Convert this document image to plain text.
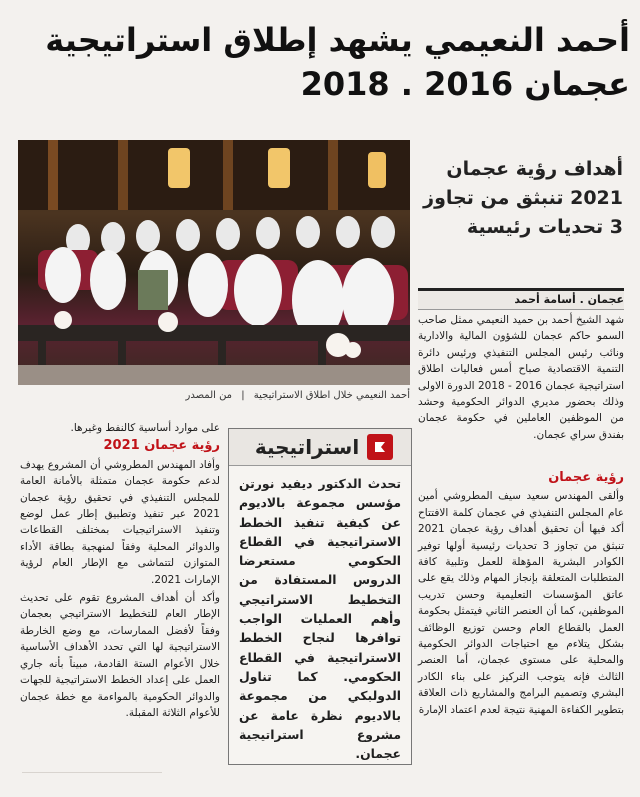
أحمد النعيمي يشهد إطلاق استراتيجية
عجمان 2016 . 2018
أحمد النعيمي خلال اطلاق الاستراتيجية | من المصدر
أهداف رؤية عجمان 2021 تنبثق من تجاوز 3 تحديات رئيسية
عجمان . أسامة أحمد

شهد الشيخ أحمد بن حميد النعيمي ممثل صاحب السمو حاكم عجمان للشؤون المالية والادارية ونائب رئيس المجلس التنفيذي ورئيس دائرة التنمية الاقتصادية صباح أمس فعاليات اطلاق استراتيجية عجمان 2016 - 2018 الدورة الاولى وذلك بحضور مديري الدوائر الحكومية وحشد من الموظفين العاملين في حكومة عجمان بفندق سراي عجمان.

رؤية عجمان

وألقى المهندس سعيد سيف المطروشي أمين عام المجلس التنفيذي في عجمان كلمة الافتتاح أكد فيها أن تحقيق أهداف رؤية عجمان 2021 تنبثق من تجاوز 3 تحديات رئيسية أولها توفير الكوادر البشرية المؤهلة للعمل وتلبية كافة المتطلبات المتعلقة بإنجاز المهام وذلك يقع على عاتق المؤسسات التعليمية وحسن تدريب الموظفين، كما أن العنصر الثاني فيتمثل بحكومة العمل بالقطاع العام وحسن توزيع الوظائف بشكل يتلاءم مع احتياجات الدوائر الحكومية والمحلية على مستوى عجمان، أما العنصر الثالث فإنه يتوجب التركيز على بناء الكادر البشري وتصميم البرامج والمشاريع ذات العلاقة بتطوير الكفاءة المهنية نتيجة لعدم اعتماد الإمارة

استراتيجية
تحدث الدكتور ديفيد نورتن مؤسس مجموعة بالاديوم عن كيفية تنفيذ الخطط الاستراتيجية في القطاع الحكومي مستعرضا الدروس المستفادة من التخطيط الاستراتيجي وأهم العمليات الواجب توافرها لنجاح الخطط الاستراتيجية في القطاع الحكومي. كما تناول الدولبكي من مجموعة بالاديوم نظرة عامة عن مشروع استراتيجية عجمان.

على موارد أساسية كالنفط وغيرها.

رؤية عجمان 2021

وأفاد المهندس المطروشي أن المشروع يهدف لدعم حكومة عجمان متمثلة بالأمانة العامة للمجلس التنفيذي في تحقيق رؤية عجمان 2021 عبر تنفيذ وتطبيق إطار عمل لوضع وتنفيذ الاستراتيجيات بمختلف القطاعات والدوائر المحلية وفقاً لمنهجية بطاقة الأداء المتوازن لتتماشى مع الإطار العام لرؤية الإمارات 2021.

وأكد أن أهداف المشروع تقوم على تحديث الإطار العام للتخطيط الاستراتيجي بعجمان وفقاً لأفضل الممارسات، مع وضع الخارطة الاستراتيجية لها التي تحدد الأهداف الأساسية خلال الأعوام الستة القادمة، مبيناً بأنه جاري العمل على إعداد الخطط الاستراتيجية للجهات والدوائر الحكومية بالمواءمة مع خطة عجمان للأعوام الثلاثة المقبلة.
